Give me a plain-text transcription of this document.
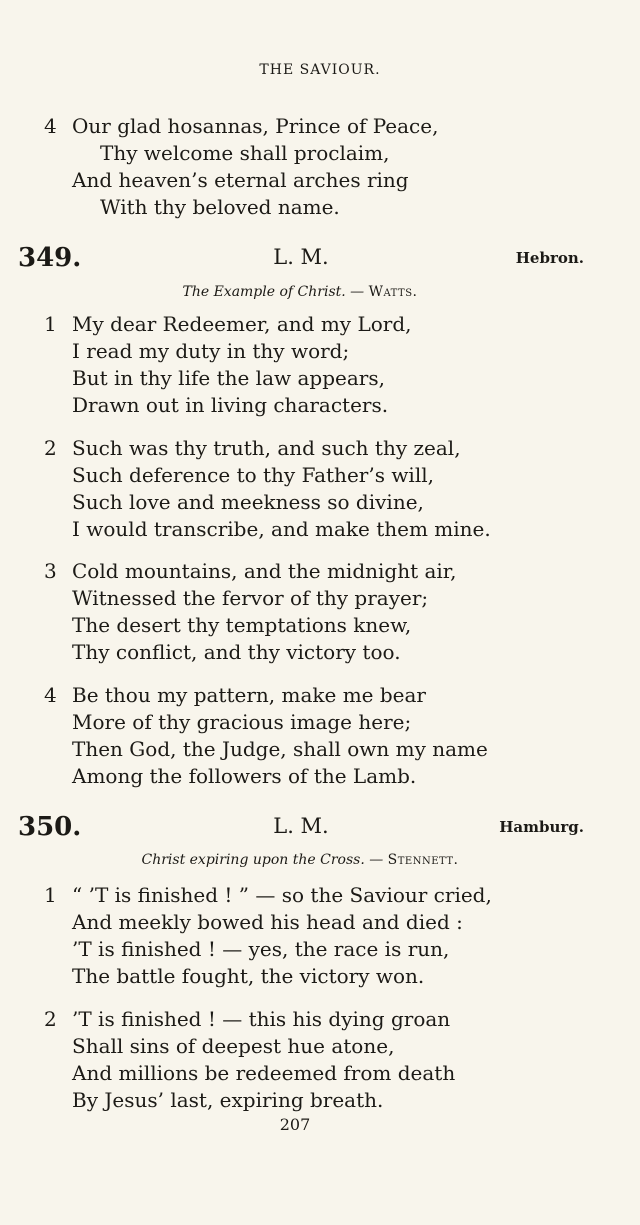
THE SAVIOUR.
4 Our glad hosannas, Prince of Peace,
Thy welcome shall proclaim,
And heaven’s eternal arches ring
With thy beloved name.
349.	L. M.	Hebron.
The Example of Christ. — Watts.
1 My dear Redeemer, and my Lord,
I read my duty in thy word;
But in thy life the law appears,
Drawn out in living characters.
2 Such was thy truth, and such thy zeal,
Such deference to thy Father’s will,
Such love and meekness so divine,
I would transcribe, and make them mine.
3 Cold mountains, and the midnight air,
Witnessed the fervor of thy prayer;
The desert thy temptations knew,
Thy conflict, and thy victory too.
4 Be thou my pattern, make me bear
More of thy gracious image here;
Then God, the Judge, shall own my name
Among the followers of the Lamb.
350.	L. M.	Hamburg.
Christ expiring upon the Cross. — Stennett.
1 “ ’T is finished ! ” — so the Saviour cried,
And meekly bowed his head and died :
’T is finished ! — yes, the race is run,
The battle fought, the victory won.
2 ’T is finished ! — this his dying groan
Shall sins of deepest hue atone,
And millions be redeemed from death
By Jesus’ last, expiring breath.
207
